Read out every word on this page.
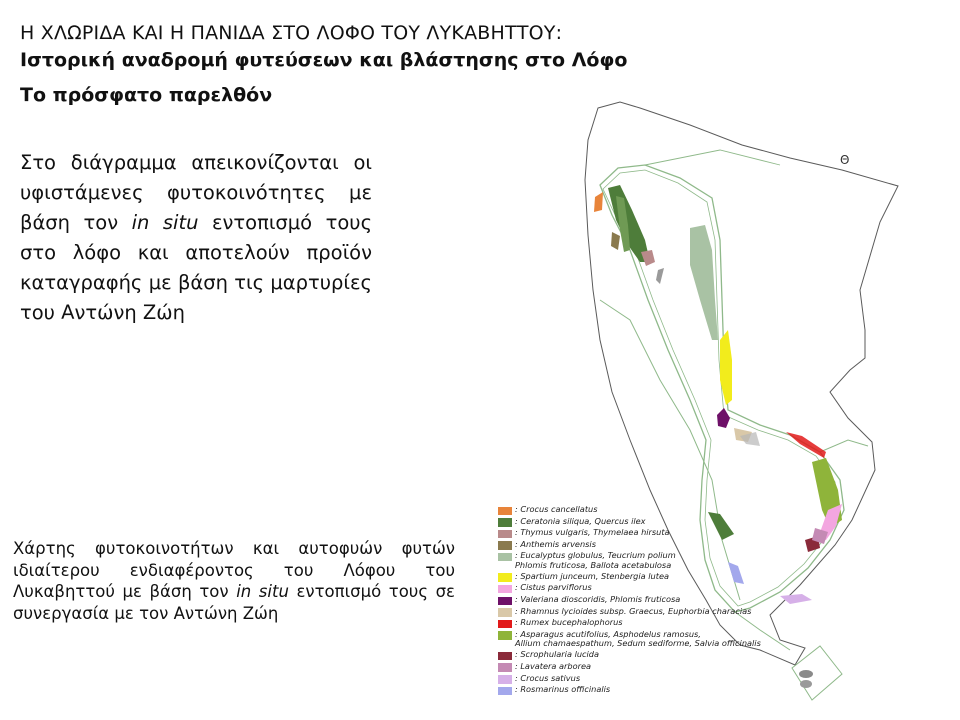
Η ΧΛΩΡΙΔΑ ΚΑΙ Η ΠΑΝΙΔΑ ΣΤΟ ΛΟΦΟ ΤΟΥ ΛΥΚΑΒΗΤΤΟΥ:
Ιστορική αναδρομή φυτεύσεων και βλάστησης στο Λόφο
Το πρόσφατο παρελθόν
Στο διάγραμμα απεικονίζονται οι υφιστάμενες φυτοκοινότητες με βάση τον in situ εντοπισμό τους στο λόφο και αποτελούν προϊόν καταγραφής με βάση τις μαρτυρίες του Αντώνη Ζώη
Χάρτης φυτοκοινοτήτων και αυτοφυών φυτών ιδιαίτερου ενδιαφέροντος του Λόφου του Λυκαβηττού με βάση τον in situ εντοπισμό τους σε συνεργασία με τον Αντώνη Ζώη
Θ
: Crocus cancellatus
: Ceratonia siliqua, Quercus ilex
: Thymus vulgaris, Thymelaea hirsuta
: Anthemis arvensis
: Eucalyptus globulus, Teucrium polium
Phlomis fruticosa, Ballota acetabulosa
: Spartium junceum, Stenbergia lutea
: Cistus parviflorus
: Valeriana dioscoridis, Phlomis fruticosa
: Rhamnus lycioides subsp. Graecus, Euphorbia characias
: Rumex bucephalophorus
: Asparagus acutifolius, Asphodelus ramosus,
Allium chamaespathum, Sedum sediforme, Salvia officinalis
: Scrophularia lucida
: Lavatera arborea
: Crocus sativus
: Rosmarinus officinalis
